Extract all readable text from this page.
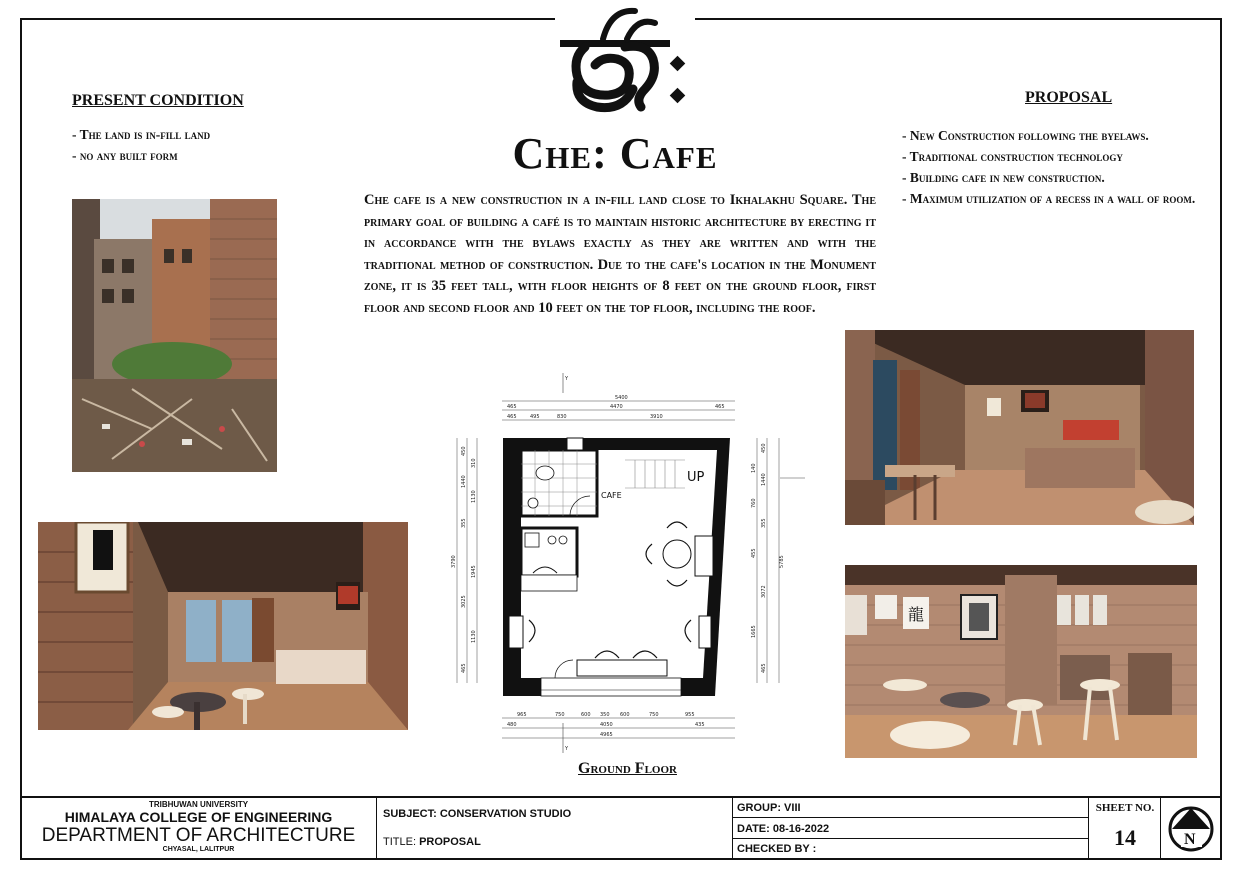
Che: Cafe
PRESENT CONDITION
- The land is in-fill land
- no any built form
PROPOSAL
- New Construction following the byelaws.
- Traditional construction technology
- Building cafe in new construction.
- Maximum utilization of a recess in a wall of room.
Che cafe is a new construction in a in-fill land close to Ikhalakhu Square. The primary goal of building a café is to maintain historic architecture by erecting it in accordance with the bylaws exactly as they are written and with the traditional method of construction. Due to the cafe's location in the Monument zone, it is 35 feet tall, with floor heights of 8 feet on the ground floor, first floor and second floor and 10 feet on the top floor, including the roof.
龍
Y
Y
5400
4470	465
465
465	495	830	3910
3790
450
310
1440
1130
355
1945
3025
1130
465
5785
450
140
1440
760
355
455
3072
1665
465
965	750	600 350 600	750	955
480	4050	435
4965
CAFE
UP
Ground Floor
TRIBHUWAN UNIVERSITY
HIMALAYA COLLEGE OF ENGINEERING
DEPARTMENT OF ARCHITECTURE
CHYASAL, LALITPUR
SUBJECT: CONSERVATION STUDIO
TITLE: PROPOSAL
GROUP: VIII
DATE: 08-16-2022
CHECKED BY :
SHEET NO.
14	N
